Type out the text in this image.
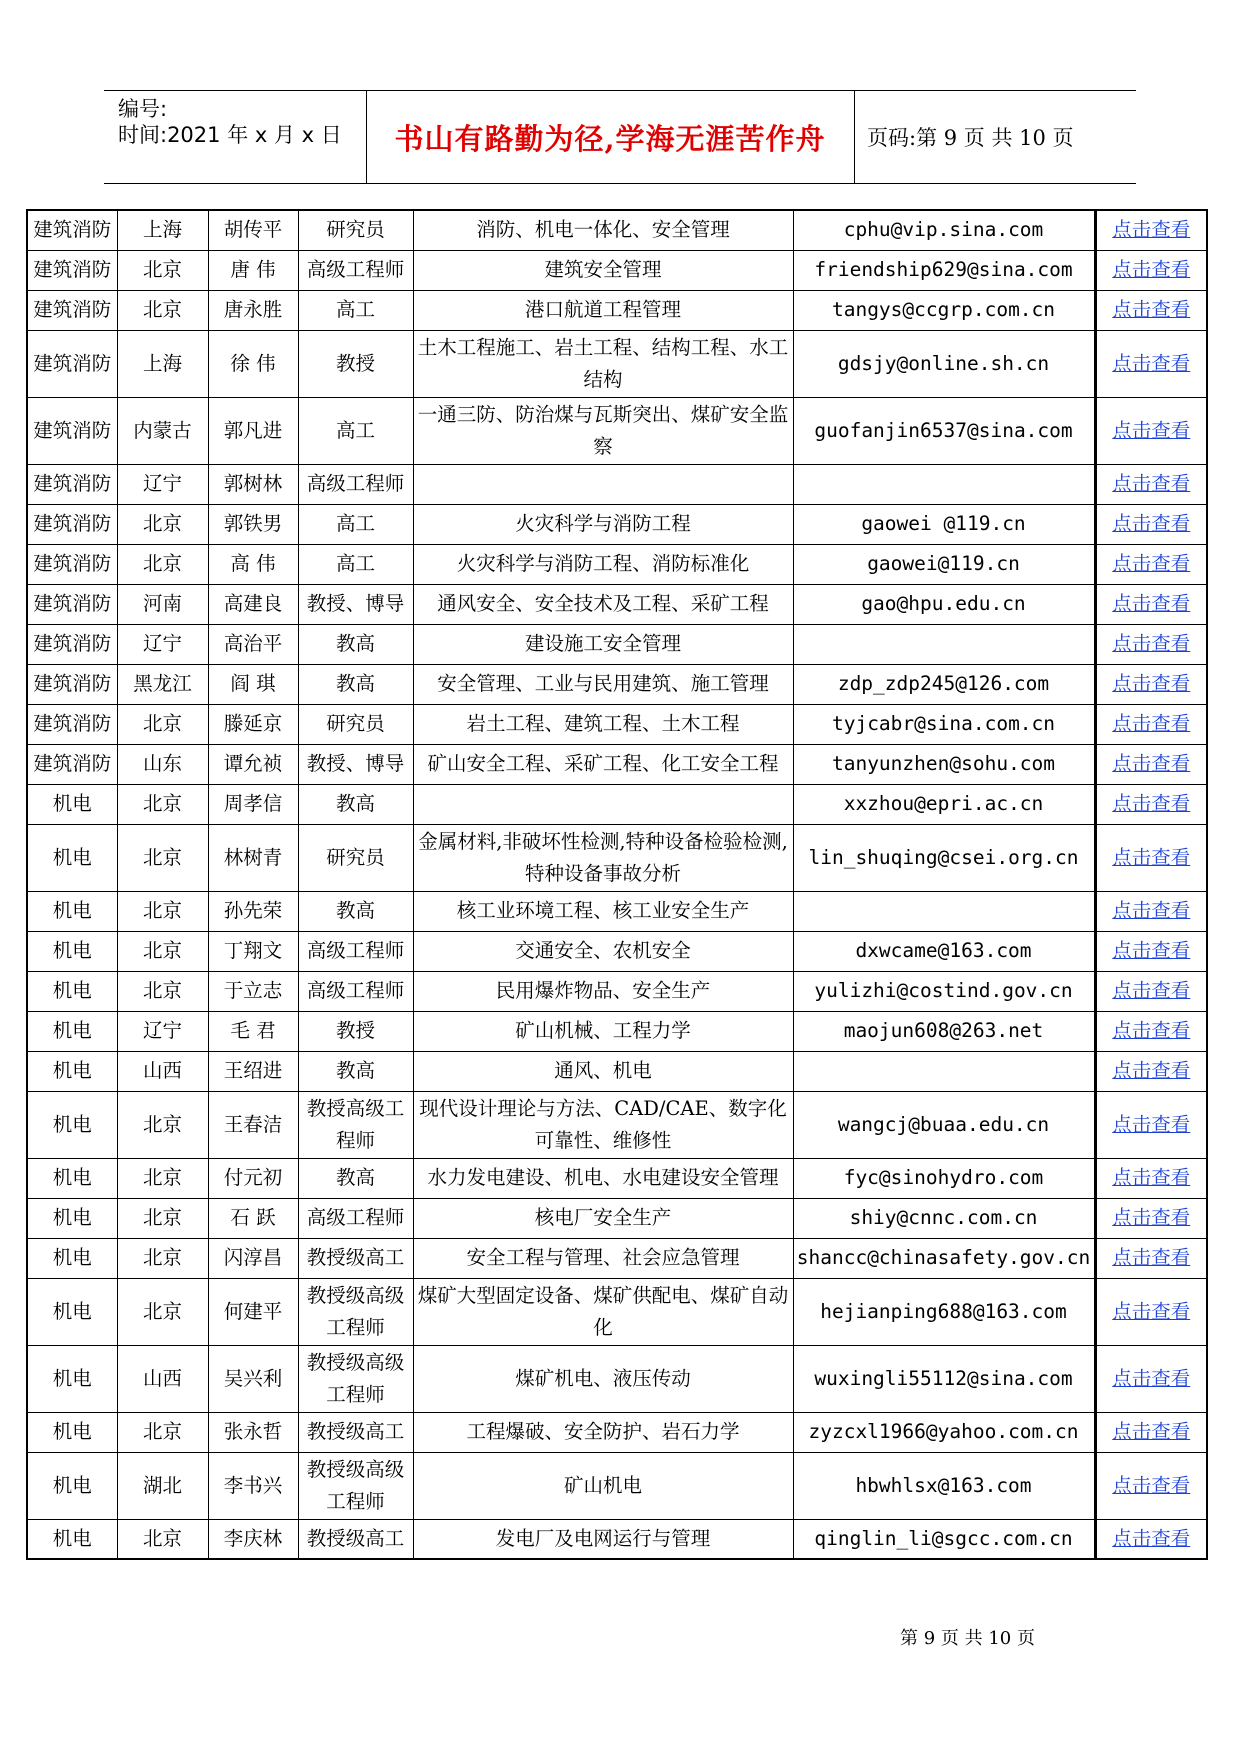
编号:
时间:2021 年 x 月 x 日 书山有路勤为径,学海无涯苦作舟 页码:第 9 页 共 10 页
建筑消防	上海	胡传平	研究员	消防、机电一体化、安全管理	cphu@vip.sina.com	点击查看
建筑消防	北京	唐 伟	高级工程师	建筑安全管理	friendship629@sina.com	点击查看
建筑消防	北京	唐永胜	高工	港口航道工程管理	tangys@ccgrp.com.cn	点击查看
建筑消防	上海	徐 伟	教授	土木工程施工、岩土工程、结构工程、水工结构	gdsjy@online.sh.cn	点击查看
建筑消防	内蒙古	郭凡进	高工	一通三防、防治煤与瓦斯突出、煤矿安全监察	guofanjin6537@sina.com	点击查看
建筑消防	辽宁	郭树林	高级工程师			点击查看
建筑消防	北京	郭铁男	高工	火灾科学与消防工程	gaowei @119.cn	点击查看
建筑消防	北京	高 伟	高工	火灾科学与消防工程、消防标准化	gaowei@119.cn	点击查看
建筑消防	河南	高建良	教授、博导	通风安全、安全技术及工程、采矿工程	gao@hpu.edu.cn	点击查看
建筑消防	辽宁	高治平	教高	建设施工安全管理		点击查看
建筑消防	黑龙江	阎 琪	教高	安全管理、工业与民用建筑、施工管理	zdp_zdp245@126.com	点击查看
建筑消防	北京	滕延京	研究员	岩土工程、建筑工程、土木工程	tyjcabr@sina.com.cn	点击查看
建筑消防	山东	谭允祯	教授、博导	矿山安全工程、采矿工程、化工安全工程	tanyunzhen@sohu.com	点击查看
机电	北京	周孝信	教高		xxzhou@epri.ac.cn	点击查看
机电	北京	林树青	研究员	金属材料,非破坏性检测,特种设备检验检测,特种设备事故分析	lin_shuqing@csei.org.cn	点击查看
机电	北京	孙先荣	教高	核工业环境工程、核工业安全生产		点击查看
机电	北京	丁翔文	高级工程师	交通安全、农机安全	dxwcame@163.com	点击查看
机电	北京	于立志	高级工程师	民用爆炸物品、安全生产	yulizhi@costind.gov.cn	点击查看
机电	辽宁	毛 君	教授	矿山机械、工程力学	maojun608@263.net	点击查看
机电	山西	王绍进	教高	通风、机电		点击查看
机电	北京	王春洁	教授高级工程师	现代设计理论与方法、CAD/CAE、数字化可靠性、维修性	wangcj@buaa.edu.cn	点击查看
机电	北京	付元初	教高	水力发电建设、机电、水电建设安全管理	fyc@sinohydro.com	点击查看
机电	北京	石 跃	高级工程师	核电厂安全生产	shiy@cnnc.com.cn	点击查看
机电	北京	闪淳昌	教授级高工	安全工程与管理、社会应急管理	shancc@chinasafety.gov.cn	点击查看
机电	北京	何建平	教授级高级工程师	煤矿大型固定设备、煤矿供配电、煤矿自动化	hejianping688@163.com	点击查看
机电	山西	吴兴利	教授级高级工程师	煤矿机电、液压传动	wuxingli55112@sina.com	点击查看
机电	北京	张永哲	教授级高工	工程爆破、安全防护、岩石力学	zyzcxl1966@yahoo.com.cn	点击查看
机电	湖北	李书兴	教授级高级工程师	矿山机电	hbwhlsx@163.com	点击查看
机电	北京	李庆林	教授级高工	发电厂及电网运行与管理	qinglin_li@sgcc.com.cn	点击查看
第 9 页 共 10 页
